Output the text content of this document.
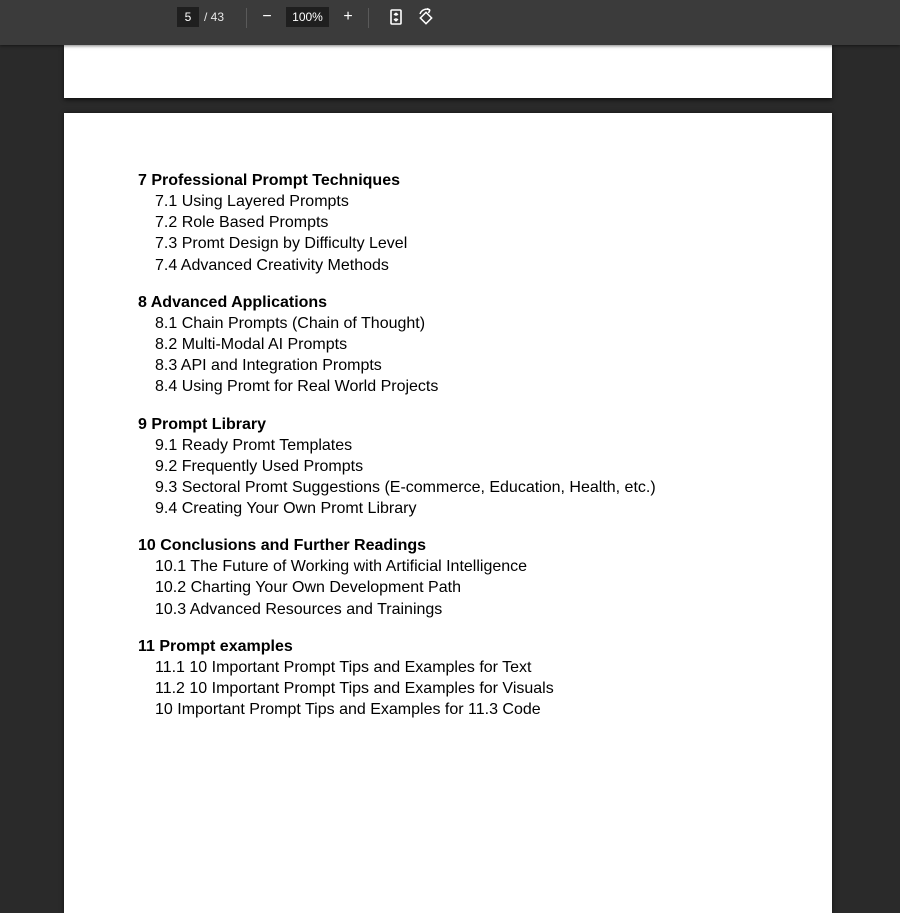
5	/ 43	−	100%	+
7 Professional Prompt Techniques
7.1 Using Layered Prompts
7.2 Role Based Prompts
7.3 Promt Design by Difficulty Level
7.4 Advanced Creativity Methods
8 Advanced Applications
8.1 Chain Prompts (Chain of Thought)
8.2 Multi-Modal AI Prompts
8.3 API and Integration Prompts
8.4 Using Promt for Real World Projects
9 Prompt Library
9.1 Ready Promt Templates
9.2 Frequently Used Prompts
9.3 Sectoral Promt Suggestions (E-commerce, Education, Health, etc.)
9.4 Creating Your Own Promt Library
10 Conclusions and Further Readings
10.1 The Future of Working with Artificial Intelligence
10.2 Charting Your Own Development Path
10.3 Advanced Resources and Trainings
11 Prompt examples
11.1 10 Important Prompt Tips and Examples for Text
11.2 10 Important Prompt Tips and Examples for Visuals
10 Important Prompt Tips and Examples for 11.3 Code
